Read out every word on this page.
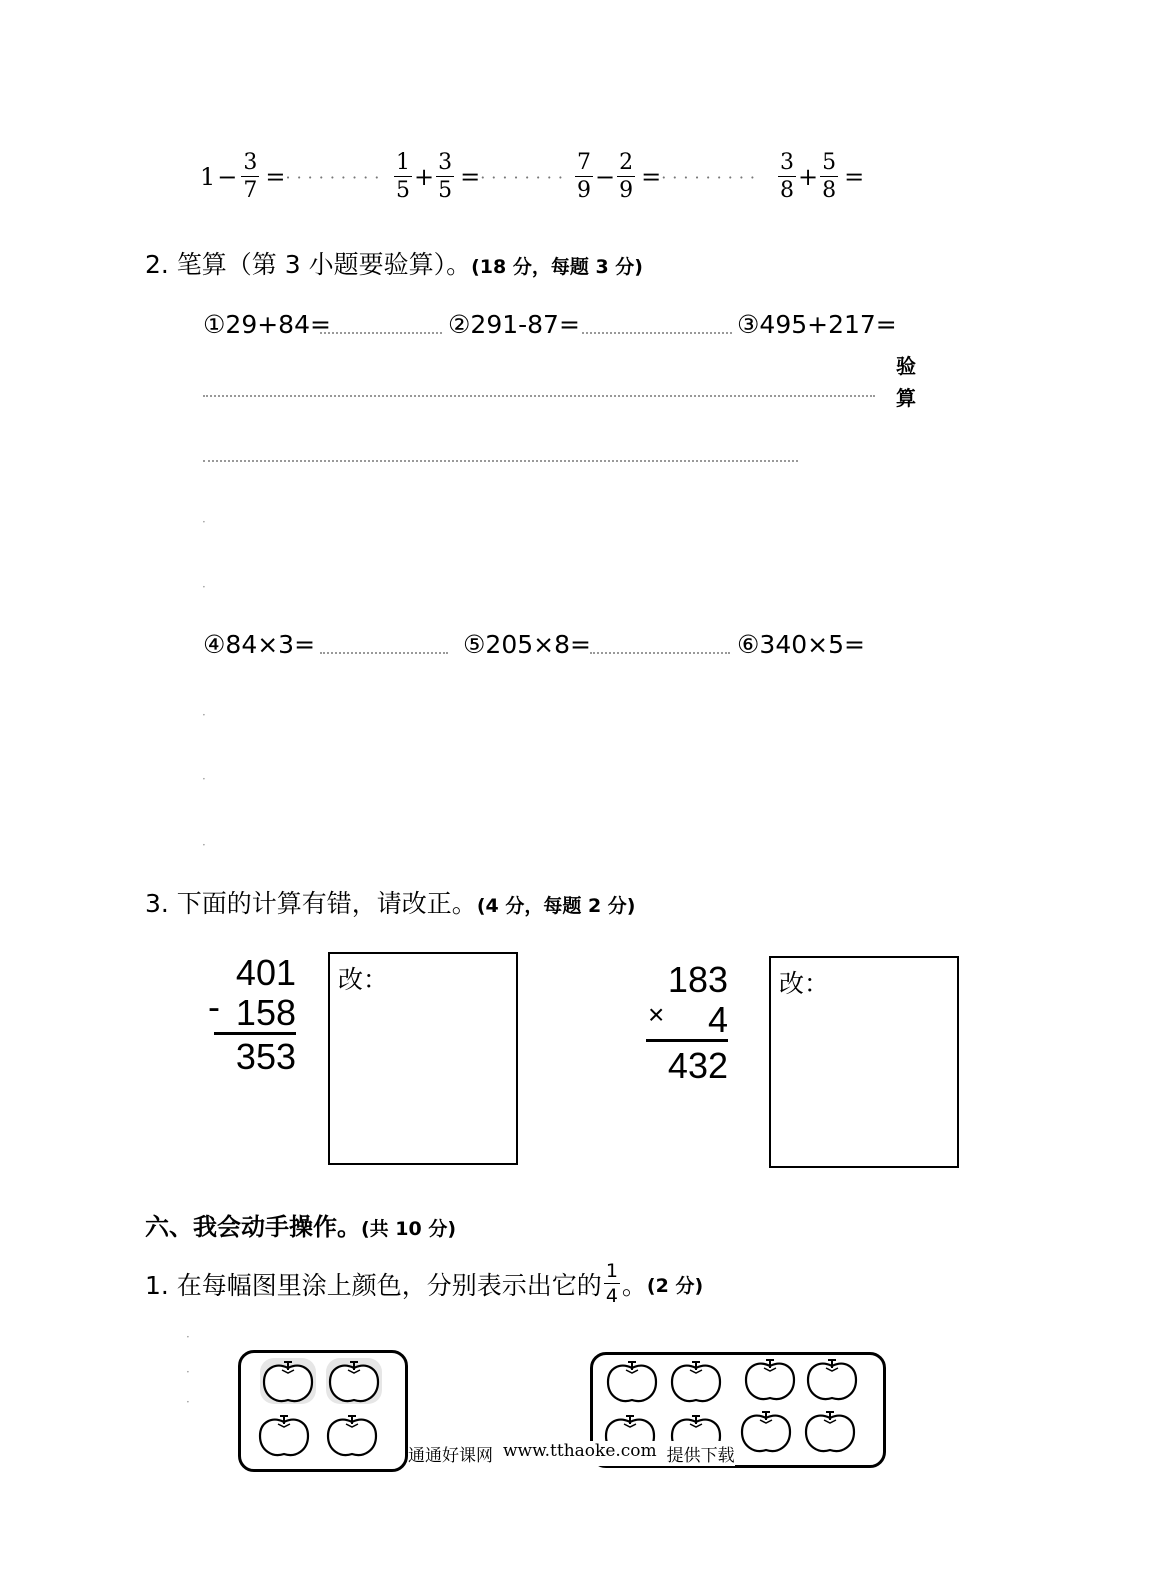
$1 - \frac{3}{7}$ = ········· $\frac{1}{5} + \frac{3}{5}$ = ········ $\frac{7}{9} - \frac{2}{9}$ = ········· $\frac{3}{8} + \frac{5}{8}$ =
2. 笔算（第 3 小题要验算）。(18 分，每题 3 分)
①29+84=	②291-87=	③495+217=
验
算
·
·
④84×3=	⑤205×8=	⑥340×5=
·
·
·
3. 下面的计算有错，请改正。(4 分，每题 2 分)
401
- 158
353
改：	183
× 4
432
改：
六、我会动手操作。(共 10 分)
1. 在每幅图里涂上颜色，分别表示出它的 $\frac{1}{4}$ 。 (2 分)
·
·
·
通通好课网 www.tthaoke.com 提供下载
